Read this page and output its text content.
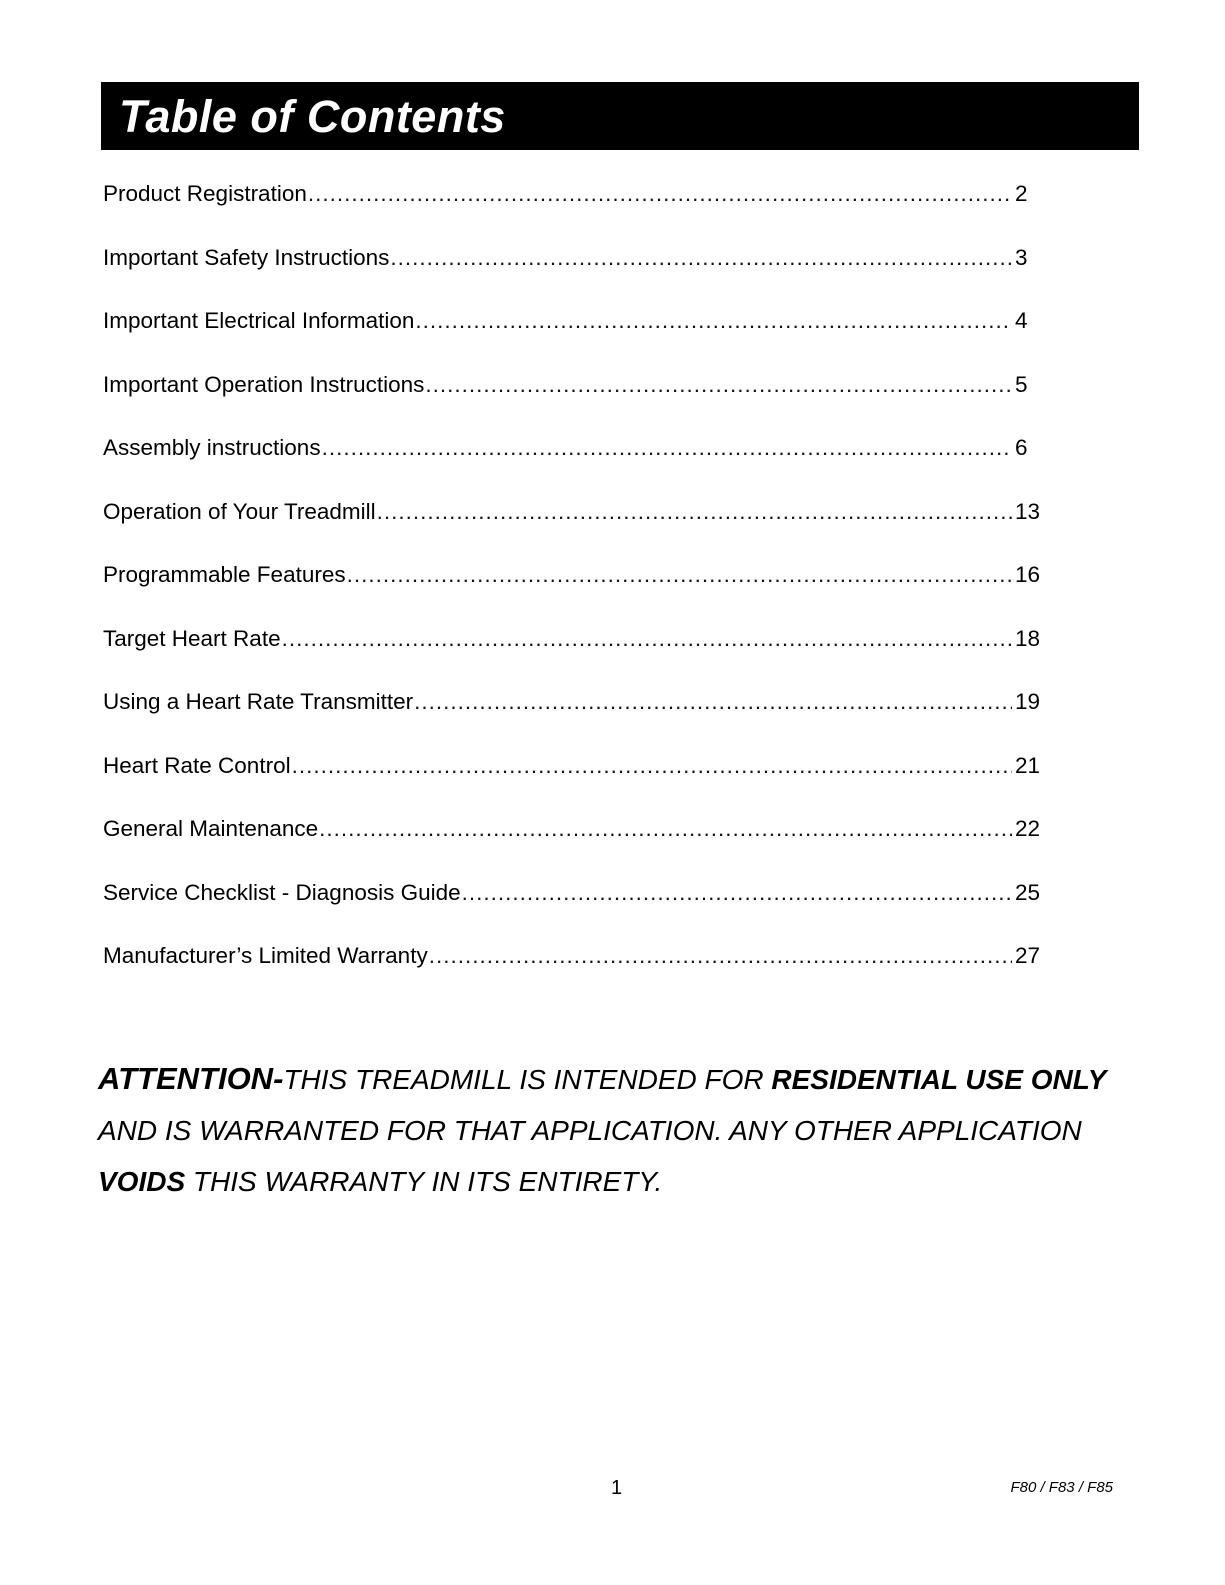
Table of Contents
Product Registration .....	2
Important Safety Instructions .....	3
Important Electrical Information .....	4
Important Operation Instructions .....	5
Assembly instructions .....	6
Operation of Your Treadmill .....	13
Programmable Features .....	16
Target Heart Rate .....	18
Using a Heart Rate Transmitter .....	19
Heart Rate Control .....	21
General Maintenance .....	22
Service Checklist - Diagnosis Guide .....	25
Manufacturer’s Limited Warranty .....	27

ATTENTION-THIS TREADMILL IS INTENDED FOR RESIDENTIAL USE ONLY AND IS WARRANTED FOR THAT APPLICATION. ANY OTHER APPLICATION VOIDS THIS WARRANTY IN ITS ENTIRETY.

1	F80 / F83 / F85
